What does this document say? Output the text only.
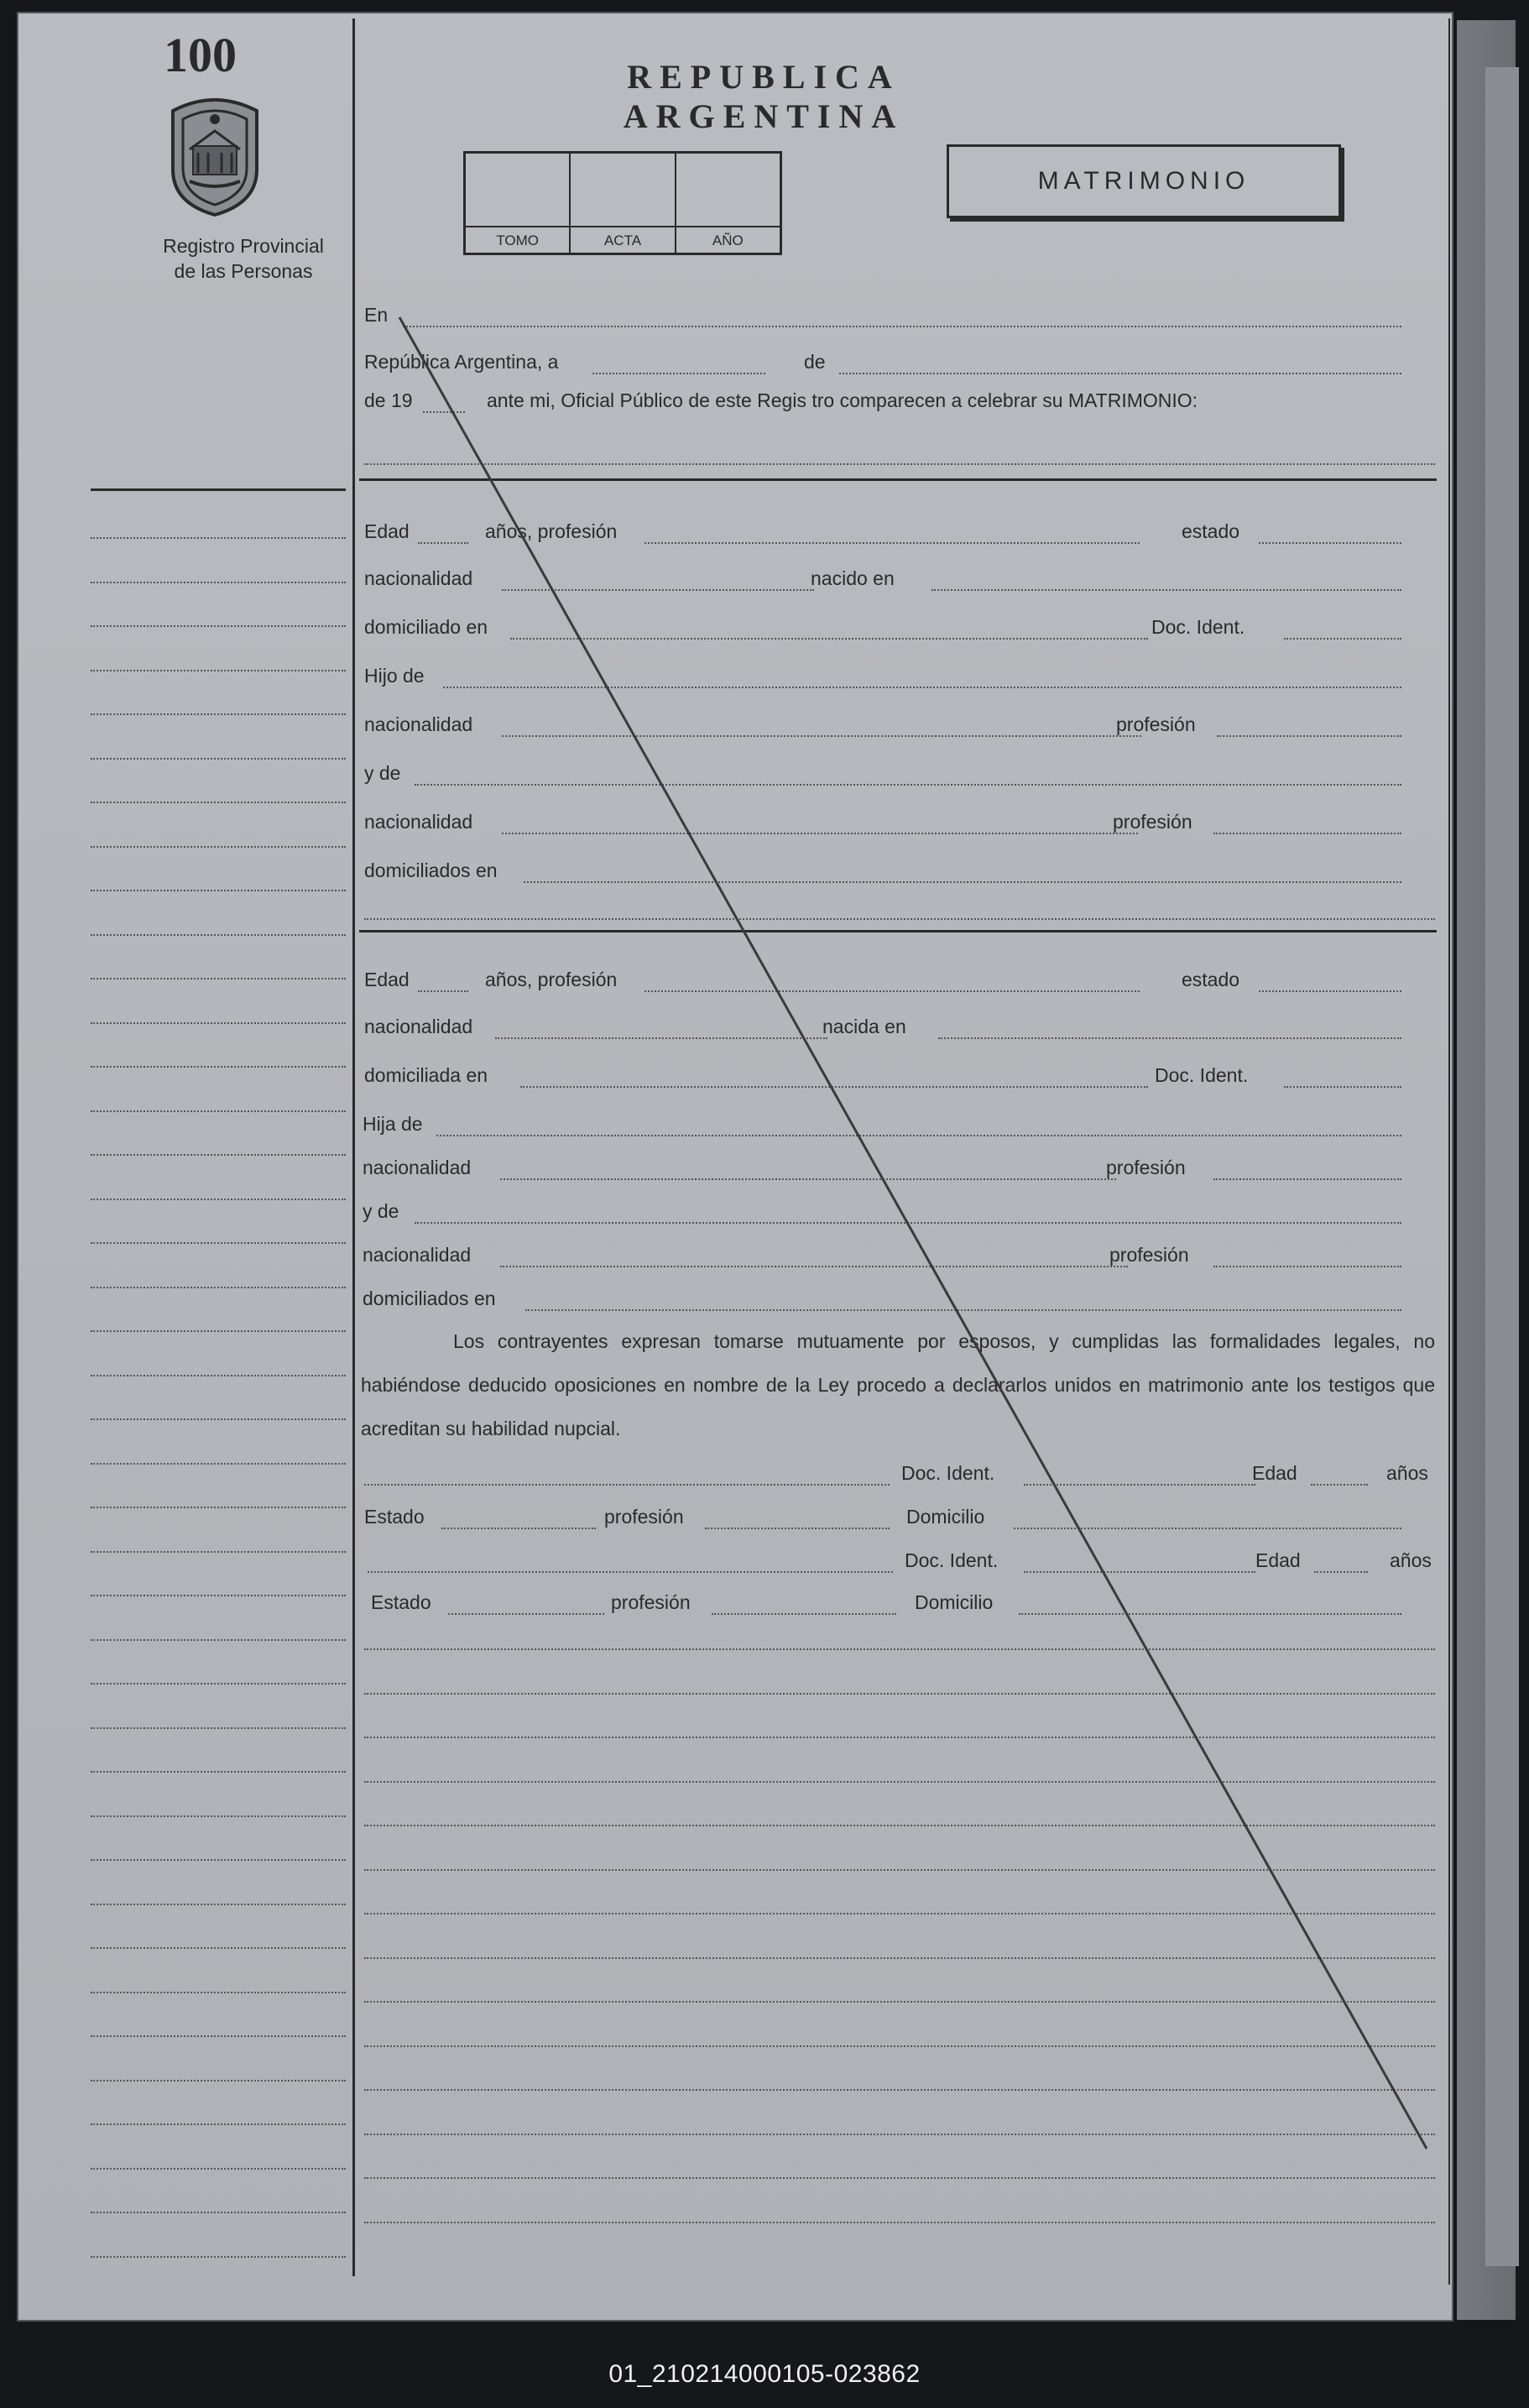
100
Registro Provincial
de las Personas
REPUBLICA ARGENTINA
TOMO	ACTA	AÑO
MATRIMONIO
En
República Argentina, a	de
de 19	ante mi, Oficial Público de este Regis tro comparecen a celebrar su MATRIMONIO:
Edad	años, profesión	estado
nacionalidad	nacido en
domiciliado en	Doc. Ident.
Hijo de
nacionalidad	profesión
y de
nacionalidad	profesión
domiciliados en
Edad	años, profesión	estado
nacionalidad	nacida en
domiciliada en	Doc. Ident.
Hija de
nacionalidad	profesión
y de
nacionalidad	profesión
domiciliados en
Los contrayentes expresan tomarse mutuamente por esposos, y cumplidas las formalidades legales, no habiéndose deducido oposiciones en nombre de la Ley procedo a declararlos unidos en matrimonio ante los testigos que acreditan su habilidad nupcial.
Doc. Ident.	Edad	años
Estado	profesión	Domicilio
Doc. Ident.	Edad	años
Estado	profesión	Domicilio
01_210214000105-023862
